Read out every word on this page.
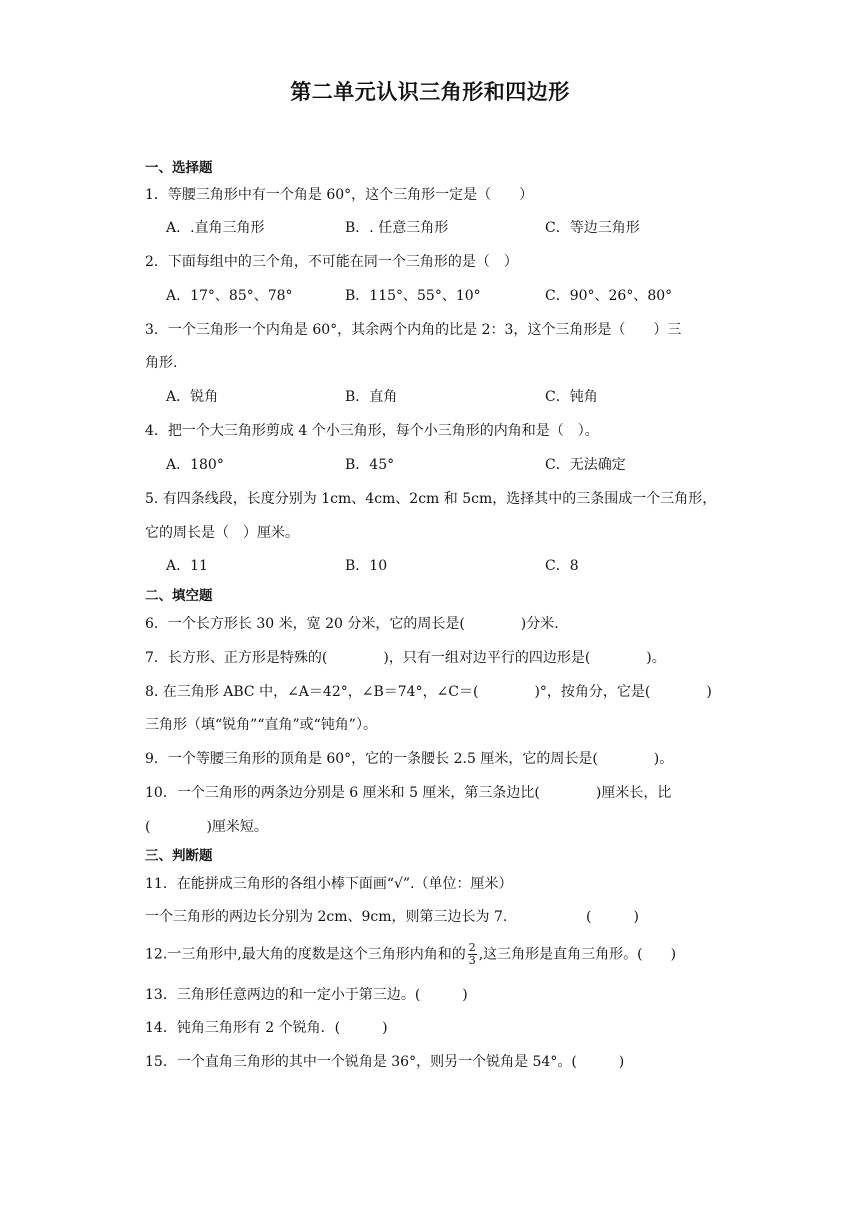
第二单元认识三角形和四边形
一、选择题
1．等腰三角形中有一个角是 60°，这个三角形一定是（　　）
A．.直角三角形	B．. 任意三角形	C．等边三角形
2．下面每组中的三个角，不可能在同一个三角形的是（　）
A．17°、85°、78°	B．115°、55°、10°	C．90°、26°、80°
3．一个三角形一个内角是 60°，其余两个内角的比是 2：3，这个三角形是（　　）三
角形.
A．锐角	B．直角	C．钝角
4．把一个大三角形剪成 4 个小三角形，每个小三角形的内角和是（　）。
A．180°	B．45°	C．无法确定
5. 有四条线段，长度分别为 1cm、4cm、2cm 和 5cm，选择其中的三条围成一个三角形，
它的周长是（　）厘米。
A．11	B．10	C．8
二、填空题
6．一个长方形长 30 米，宽 20 分米，它的周长是(　　　　)分米.
7．长方形、正方形是特殊的(　　　　)，只有一组对边平行的四边形是(　　　　)。
8. 在三角形 ABC 中，∠A＝42°，∠B＝74°，∠C＝(　　　　)°，按角分，它是(　　　　)
三角形（填“锐角”“直角”或“钝角”）。
9．一个等腰三角形的顶角是 60°，它的一条腰长 2.5 厘米，它的周长是(　　　　)。
10．一个三角形的两条边分别是 6 厘米和 5 厘米，第三条边比(　　　　)厘米长，比
(　　　　)厘米短。
三、判断题
11．在能拼成三角形的各组小棒下面画“√”.（单位：厘米）
一个三角形的两边长分别为 2cm、9cm，则第三边长为 7.	(　　　)
12.一三角形中,最大角的度数是这个三角形内角和的 $\frac{2}{3}$ ,这三角形是直角三角形。(　　)
13．三角形任意两边的和一定小于第三边。(　　　)
14．钝角三角形有 2 个锐角．(　　　)
15．一个直角三角形的其中一个锐角是 36°，则另一个锐角是 54°。(　　　)
